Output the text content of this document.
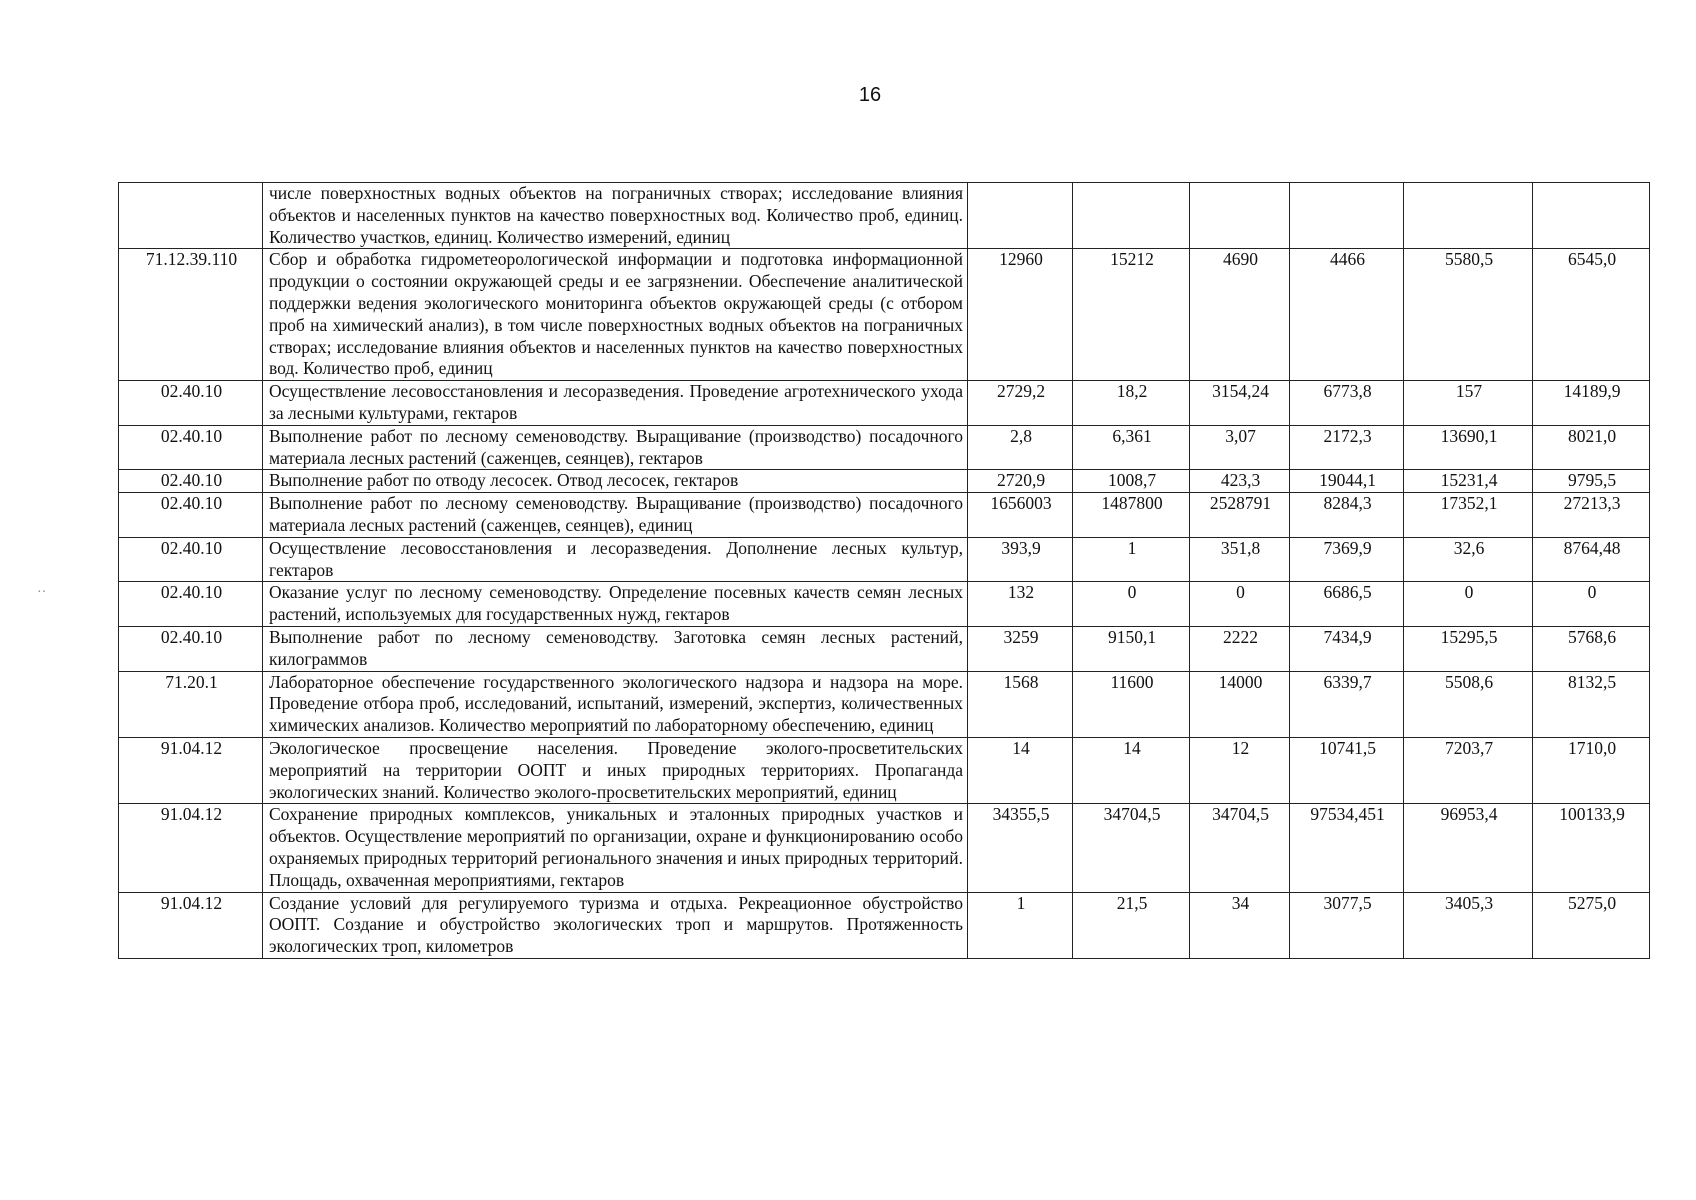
16
	числе поверхностных водных объектов на пограничных створах; исследование влияния объектов и населенных пунктов на качество поверхностных вод. Количество проб, единиц. Количество участков, единиц. Количество измерений, единиц						
71.12.39.110	Сбор и обработка гидрометеорологической информации и подготовка информационной продукции о состоянии окружающей среды и ее загрязнении. Обеспечение аналитической поддержки ведения экологического мониторинга объектов окружающей среды (с отбором проб на химический анализ), в том числе поверхностных водных объектов на пограничных створах; исследование влияния объектов и населенных пунктов на качество поверхностных вод. Количество проб, единиц	12960	15212	4690	4466	5580,5	6545,0
02.40.10	Осуществление лесовосстановления и лесоразведения. Проведение агротехнического ухода за лесными культурами, гектаров	2729,2	18,2	3154,24	6773,8	157	14189,9
02.40.10	Выполнение работ по лесному семеноводству. Выращивание (производство) посадочного материала лесных растений (саженцев, сеянцев), гектаров	2,8	6,361	3,07	2172,3	13690,1	8021,0
02.40.10	Выполнение работ по отводу лесосек. Отвод лесосек, гектаров	2720,9	1008,7	423,3	19044,1	15231,4	9795,5
02.40.10	Выполнение работ по лесному семеноводству. Выращивание (производство) посадочного материала лесных растений (саженцев, сеянцев), единиц	1656003	1487800	2528791	8284,3	17352,1	27213,3
02.40.10	Осуществление лесовосстановления и лесоразведения. Дополнение лесных культур, гектаров	393,9	1	351,8	7369,9	32,6	8764,48
02.40.10	Оказание услуг по лесному семеноводству. Определение посевных качеств семян лесных растений, используемых для государственных нужд, гектаров	132	0	0	6686,5	0	0
02.40.10	Выполнение работ по лесному семеноводству. Заготовка семян лесных растений, килограммов	3259	9150,1	2222	7434,9	15295,5	5768,6
71.20.1	Лабораторное обеспечение государственного экологического надзора и надзора на море. Проведение отбора проб, исследований, испытаний, измерений, экспертиз, количественных химических анализов. Количество мероприятий по лабораторному обеспечению, единиц	1568	11600	14000	6339,7	5508,6	8132,5
91.04.12	Экологическое просвещение населения. Проведение эколого-просветительских мероприятий на территории ООПТ и иных природных территориях. Пропаганда экологических знаний. Количество эколого-просветительских мероприятий, единиц	14	14	12	10741,5	7203,7	1710,0
91.04.12	Сохранение природных комплексов, уникальных и эталонных природных участков и объектов. Осуществление мероприятий по организации, охране и функционированию особо охраняемых природных территорий регионального значения и иных природных территорий. Площадь, охваченная мероприятиями, гектаров	34355,5	34704,5	34704,5	97534,451	96953,4	100133,9
91.04.12	Создание условий для регулируемого туризма и отдыха. Рекреационное обустройство ООПТ. Создание и обустройство экологических троп и маршрутов. Протяженность экологических троп, километров	1	21,5	34	3077,5	3405,3	5275,0
··
